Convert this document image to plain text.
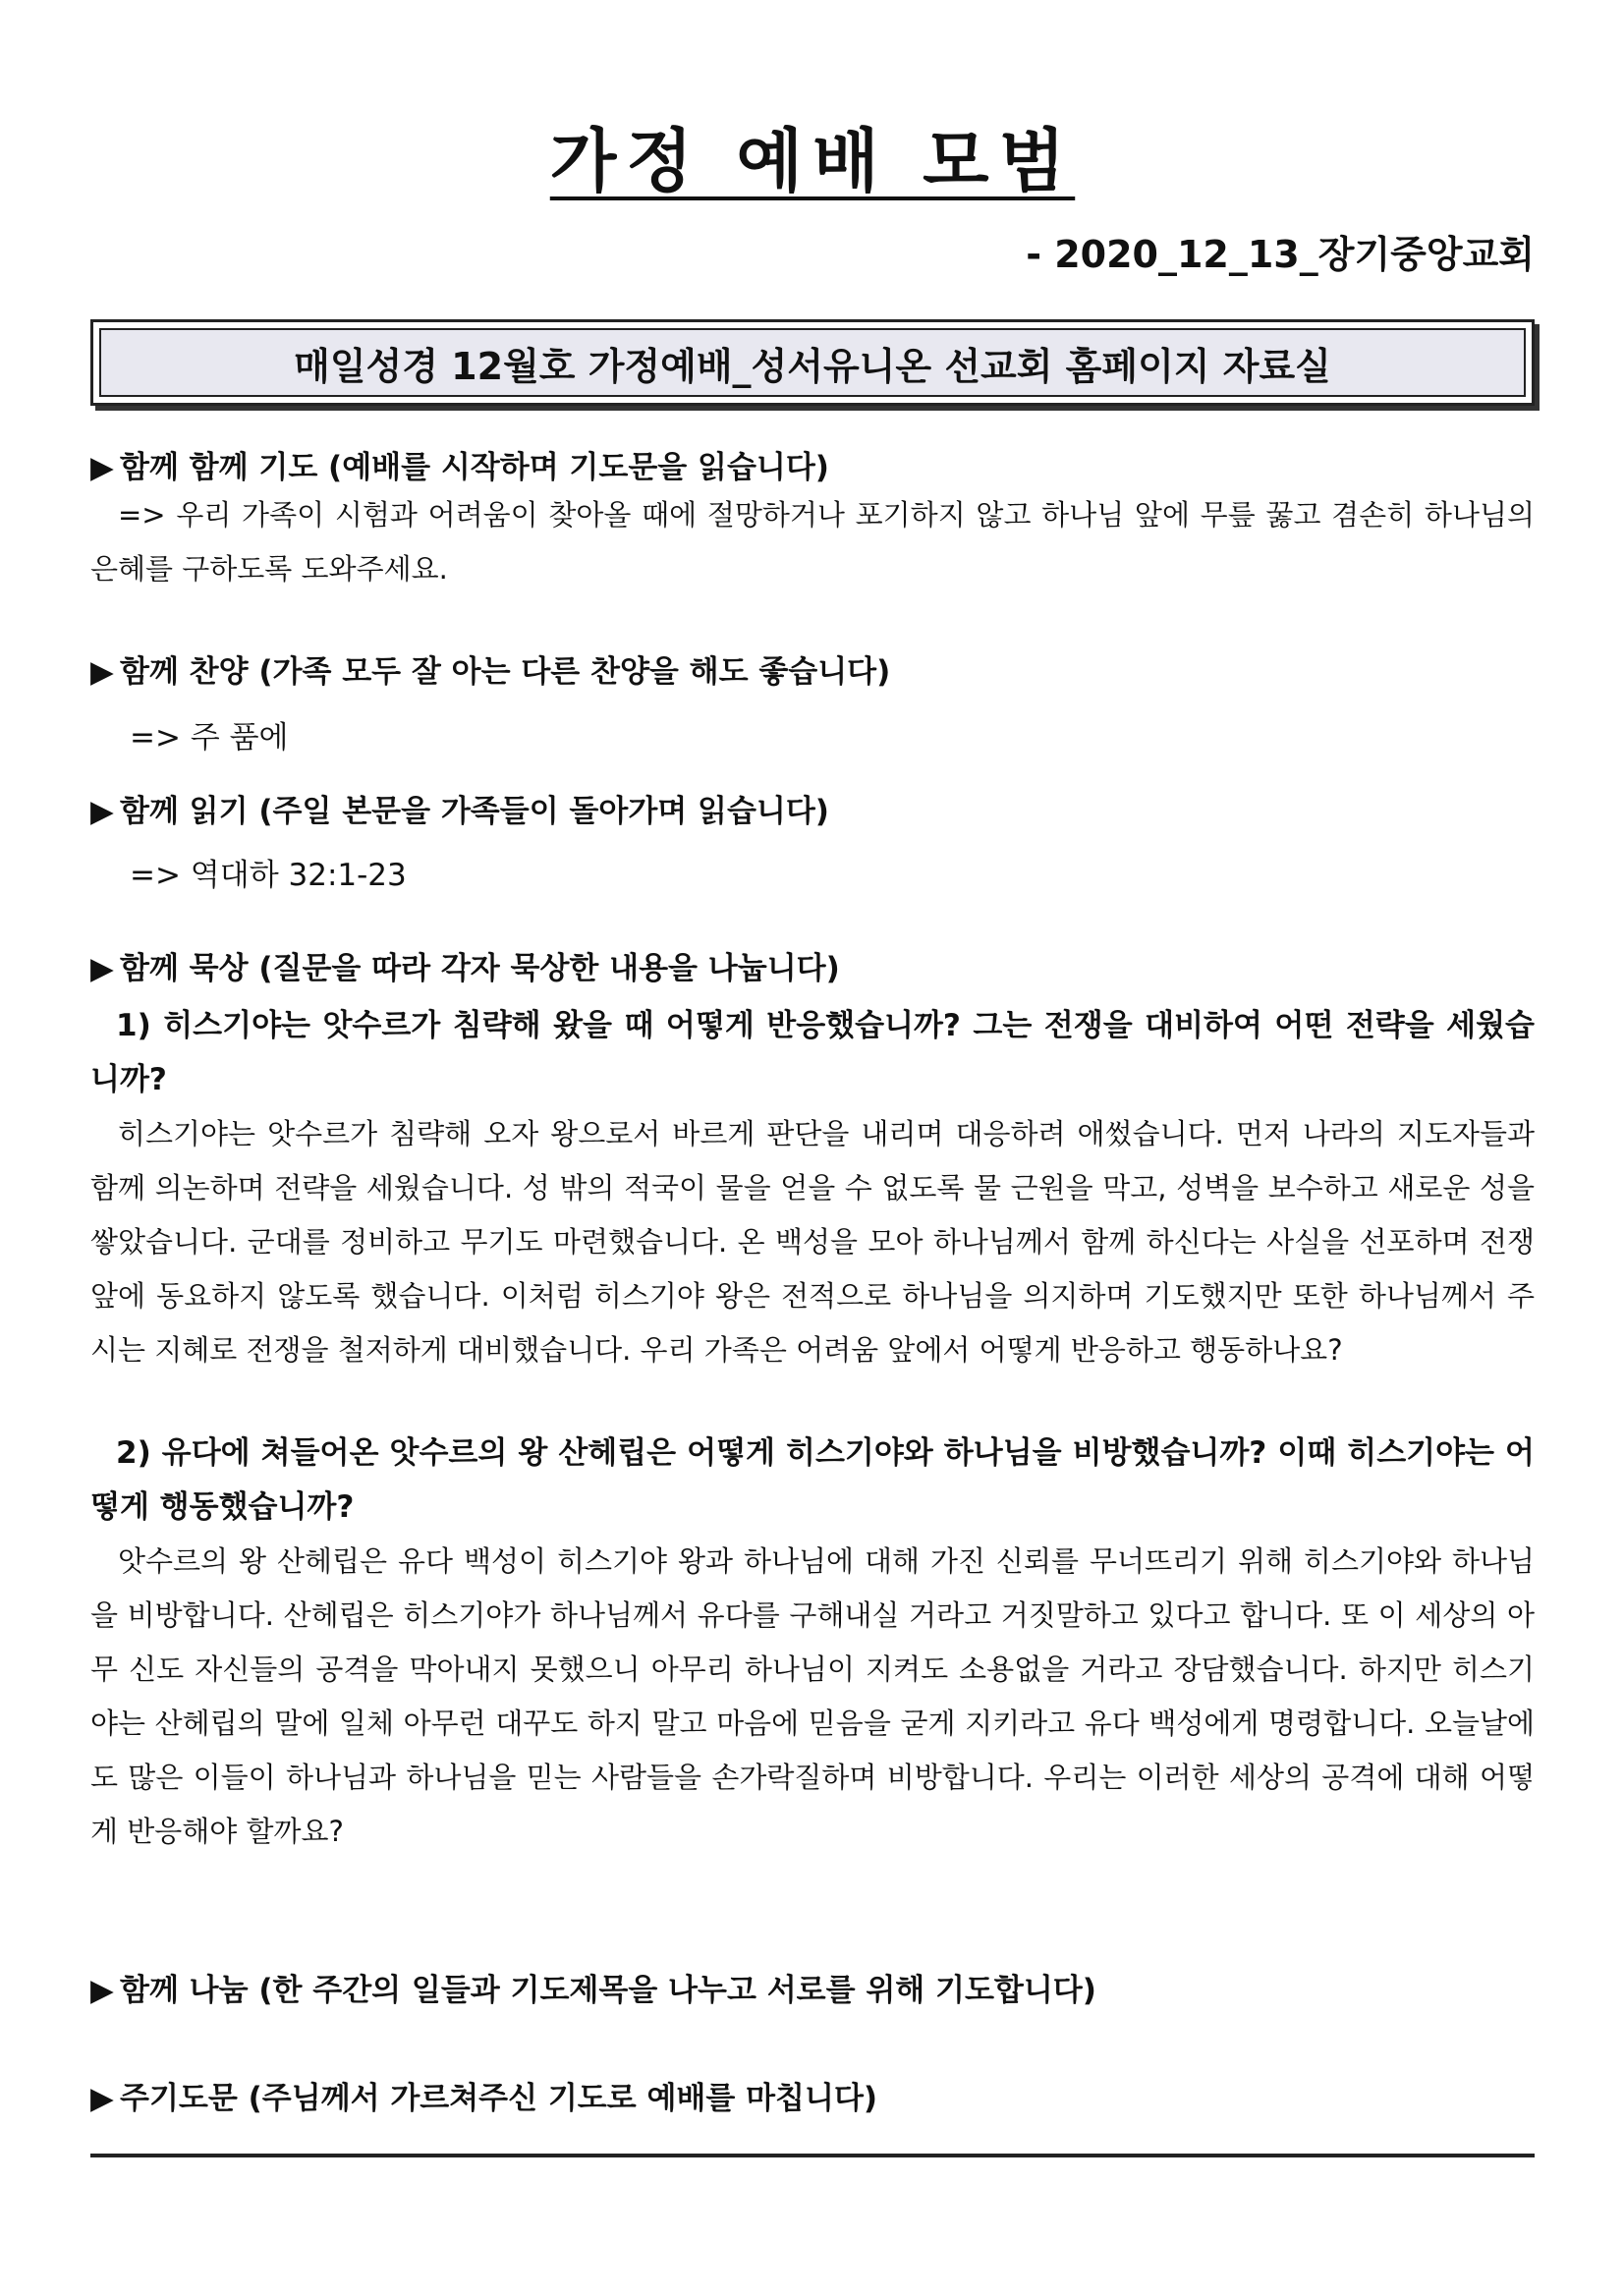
가정 예배 모범
- 2020_12_13_장기중앙교회
매일성경 12월호 가정예배_성서유니온 선교회 홈페이지 자료실
▶ 함께 함께 기도 (예배를 시작하며 기도문을 읽습니다)
=> 우리 가족이 시험과 어려움이 찾아올 때에 절망하거나 포기하지 않고 하나님 앞에 무릎 꿇고 겸손히 하나님의 은혜를 구하도록 도와주세요.
▶ 함께 찬양 (가족 모두 잘 아는 다른 찬양을 해도 좋습니다)
=> 주 품에
▶ 함께 읽기 (주일 본문을 가족들이 돌아가며 읽습니다)
=> 역대하 32:1-23
▶ 함께 묵상 (질문을 따라 각자 묵상한 내용을 나눕니다)
1) 히스기야는 앗수르가 침략해 왔을 때 어떻게 반응했습니까? 그는 전쟁을 대비하여 어떤 전략을 세웠습니까?
히스기야는 앗수르가 침략해 오자 왕으로서 바르게 판단을 내리며 대응하려 애썼습니다. 먼저 나라의 지도자들과 함께 의논하며 전략을 세웠습니다. 성 밖의 적국이 물을 얻을 수 없도록 물 근원을 막고, 성벽을 보수하고 새로운 성을 쌓았습니다. 군대를 정비하고 무기도 마련했습니다. 온 백성을 모아 하나님께서 함께 하신다는 사실을 선포하며 전쟁 앞에 동요하지 않도록 했습니다. 이처럼 히스기야 왕은 전적으로 하나님을 의지하며 기도했지만 또한 하나님께서 주시는 지혜로 전쟁을 철저하게 대비했습니다. 우리 가족은 어려움 앞에서 어떻게 반응하고 행동하나요?
2) 유다에 쳐들어온 앗수르의 왕 산헤립은 어떻게 히스기야와 하나님을 비방했습니까? 이때 히스기야는 어떻게 행동했습니까?
앗수르의 왕 산헤립은 유다 백성이 히스기야 왕과 하나님에 대해 가진 신뢰를 무너뜨리기 위해 히스기야와 하나님을 비방합니다. 산헤립은 히스기야가 하나님께서 유다를 구해내실 거라고 거짓말하고 있다고 합니다. 또 이 세상의 아무 신도 자신들의 공격을 막아내지 못했으니 아무리 하나님이 지켜도 소용없을 거라고 장담했습니다. 하지만 히스기야는 산헤립의 말에 일체 아무런 대꾸도 하지 말고 마음에 믿음을 굳게 지키라고 유다 백성에게 명령합니다. 오늘날에도 많은 이들이 하나님과 하나님을 믿는 사람들을 손가락질하며 비방합니다. 우리는 이러한 세상의 공격에 대해 어떻게 반응해야 할까요?
▶ 함께 나눔 (한 주간의 일들과 기도제목을 나누고 서로를 위해 기도합니다)
▶ 주기도문 (주님께서 가르쳐주신 기도로 예배를 마칩니다)
